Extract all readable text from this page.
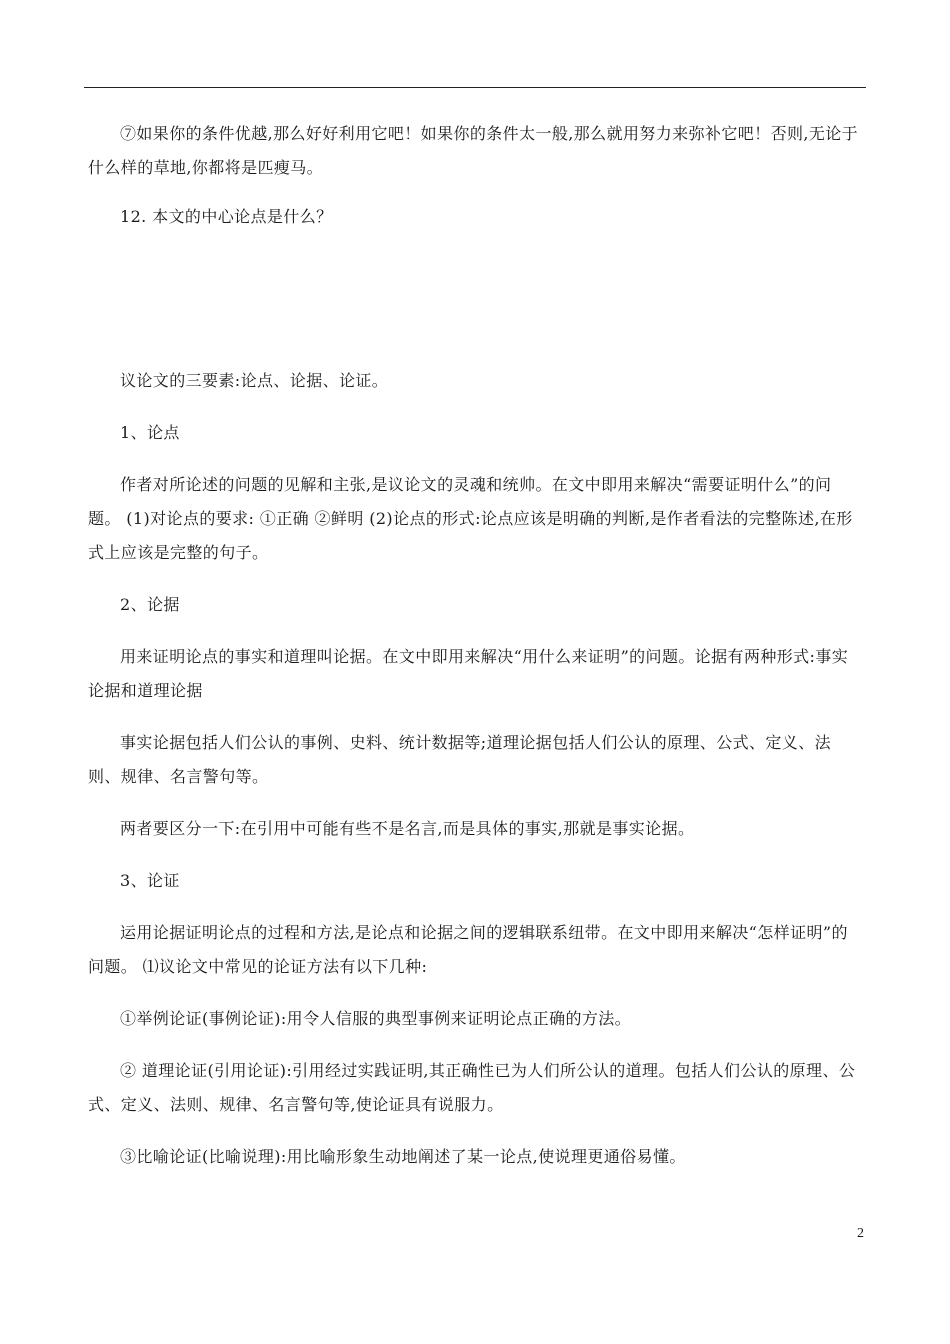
⑦如果你的条件优越,那么好好利用它吧！如果你的条件太一般,那么就用努力来弥补它吧！否则,无论于什么样的草地,你都将是匹瘦马。

12. 本文的中心论点是什么？

议论文的三要素:论点、论据、论证。

1、论点

作者对所论述的问题的见解和主张,是议论文的灵魂和统帅。在文中即用来解决“需要证明什么”的问题。 (1)对论点的要求: ①正确 ②鲜明 (2)论点的形式:论点应该是明确的判断,是作者看法的完整陈述,在形式上应该是完整的句子。

2、论据

用来证明论点的事实和道理叫论据。在文中即用来解决“用什么来证明”的问题。论据有两种形式:事实论据和道理论据

事实论据包括人们公认的事例、史料、统计数据等;道理论据包括人们公认的原理、公式、定义、法则、规律、名言警句等。

两者要区分一下:在引用中可能有些不是名言,而是具体的事实,那就是事实论据。

3、论证

运用论据证明论点的过程和方法,是论点和论据之间的逻辑联系纽带。在文中即用来解决“怎样证明”的问题。 ⑴议论文中常见的论证方法有以下几种:

①举例论证(事例论证):用令人信服的典型事例来证明论点正确的方法。

② 道理论证(引用论证):引用经过实践证明,其正确性已为人们所公认的道理。包括人们公认的原理、公式、定义、法则、规律、名言警句等,使论证具有说服力。

③比喻论证(比喻说理):用比喻形象生动地阐述了某一论点,使说理更通俗易懂。

2
